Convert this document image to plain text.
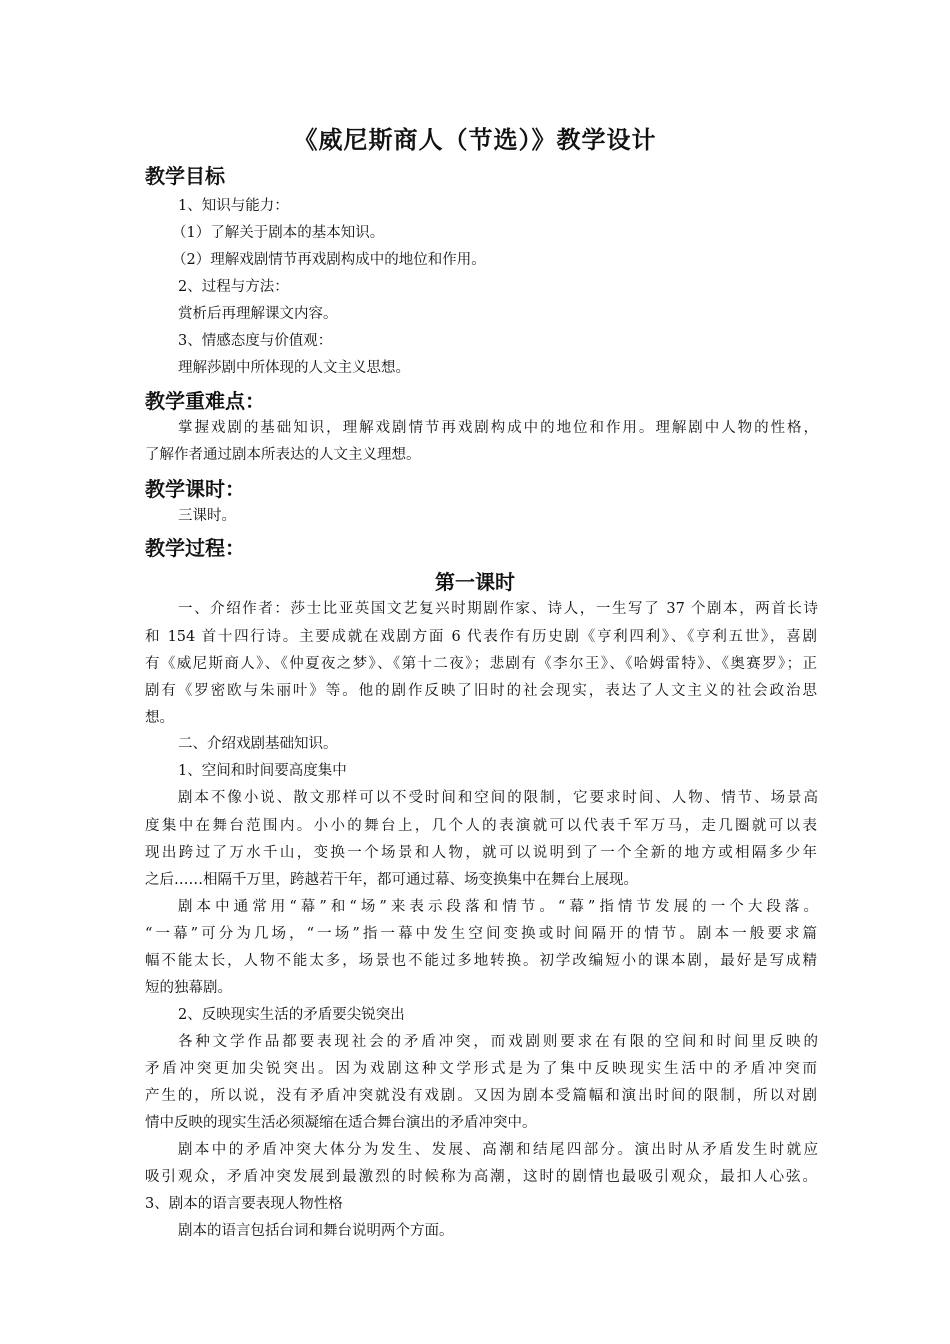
《威尼斯商人（节选）》教学设计
教学目标
1、知识与能力：
（1）了解关于剧本的基本知识。
（2）理解戏剧情节再戏剧构成中的地位和作用。
2、过程与方法：
赏析后再理解课文内容。
3、情感态度与价值观：
理解莎剧中所体现的人文主义思想。
教学重难点：
掌握戏剧的基础知识，理解戏剧情节再戏剧构成中的地位和作用。理解剧中人物的性格，
了解作者通过剧本所表达的人文主义理想。
教学课时：
三课时。
教学过程：
第一课时
一、介绍作者：莎士比亚英国文艺复兴时期剧作家、诗人，一生写了 37 个剧本，两首长诗
和 154 首十四行诗。主要成就在戏剧方面 6 代表作有历史剧《亨利四利》、《亨利五世》，喜剧
有《威尼斯商人》、《仲夏夜之梦》、《第十二夜》；悲剧有《李尔王》、《哈姆雷特》、《奥赛罗》；正
剧有《罗密欧与朱丽叶》等。他的剧作反映了旧时的社会现实，表达了人文主义的社会政治思
想。
二、介绍戏剧基础知识。
1、空间和时间要高度集中
剧本不像小说、散文那样可以不受时间和空间的限制，它要求时间、人物、情节、场景高
度集中在舞台范围内。小小的舞台上，几个人的表演就可以代表千军万马，走几圈就可以表
现出跨过了万水千山，变换一个场景和人物，就可以说明到了一个全新的地方或相隔多少年
之后……相隔千万里，跨越若干年，都可通过幕、场变换集中在舞台上展现。
剧本中通常用“幕”和“场”来表示段落和情节。“幕”指情节发展的一个大段落。
“一幕”可分为几场，“一场”指一幕中发生空间变换或时间隔开的情节。剧本一般要求篇
幅不能太长，人物不能太多，场景也不能过多地转换。初学改编短小的课本剧，最好是写成精
短的独幕剧。
2、反映现实生活的矛盾要尖锐突出
各种文学作品都要表现社会的矛盾冲突，而戏剧则要求在有限的空间和时间里反映的
矛盾冲突更加尖锐突出。因为戏剧这种文学形式是为了集中反映现实生活中的矛盾冲突而
产生的，所以说，没有矛盾冲突就没有戏剧。又因为剧本受篇幅和演出时间的限制，所以对剧
情中反映的现实生活必须凝缩在适合舞台演出的矛盾冲突中。
剧本中的矛盾冲突大体分为发生、发展、高潮和结尾四部分。演出时从矛盾发生时就应
吸引观众，矛盾冲突发展到最激烈的时候称为高潮，这时的剧情也最吸引观众，最扣人心弦。
3、剧本的语言要表现人物性格
剧本的语言包括台词和舞台说明两个方面。
